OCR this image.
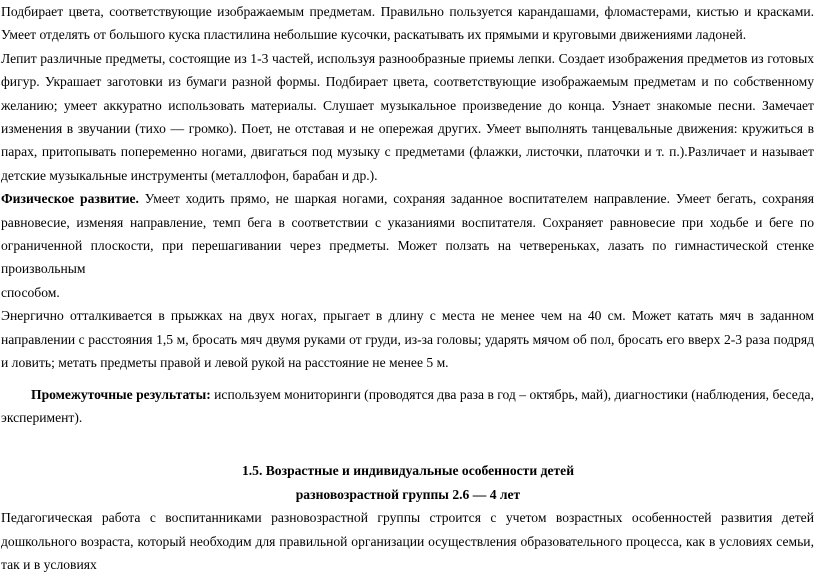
Подбирает цвета, соответствующие изображаемым предметам. Правильно пользуется карандашами, фломастерами, кистью и красками. Умеет отделять от большого куска пластилина небольшие кусочки, раскатывать их прямыми и круговыми движениями ладоней.

Лепит различные предметы, состоящие из 1-3 частей, используя разнообразные приемы лепки. Создает изображения предметов из готовых фигур. Украшает заготовки из бумаги разной формы. Подбирает цвета, соответствующие изображаемым предметам и по собственному желанию; умеет аккуратно использовать материалы. Слушает музыкальное произведение до конца. Узнает знакомые песни. Замечает изменения в звучании (тихо — громко). Поет, не отставая и не опережая других. Умеет выполнять танцевальные движения: кружиться в парах, притопывать попеременно ногами, двигаться под музыку с предметами (флажки, листочки, платочки и т. п.).Различает и называет детские музыкальные инструменты (металлофон, барабан и др.).

Физическое развитие. Умеет ходить прямо, не шаркая ногами, сохраняя заданное воспитателем направление. Умеет бегать, сохраняя равновесие, изменяя направление, темп бега в соответствии с указаниями воспитателя. Сохраняет равновесие при ходьбе и беге по ограниченной плоскости, при перешагивании через предметы. Может ползать на четвереньках, лазать по гимнастической стенке произвольным

способом.

Энергично отталкивается в прыжках на двух ногах, прыгает в длину с места не менее чем на 40 см. Может катать мяч в заданном направлении с расстояния 1,5 м, бросать мяч двумя руками от груди, из-за головы; ударять мячом об пол, бросать его вверх 2-3 раза подряд и ловить; метать предметы правой и левой рукой на расстояние не менее 5 м.

Промежуточные результаты: используем мониторинги (проводятся два раза в год – октябрь, май), диагностики (наблюдения, беседа, эксперимент).

1.5. Возрастные и индивидуальные особенности детей

разновозрастной группы 2.6 — 4 лет

Педагогическая работа с воспитанниками разновозрастной группы строится с учетом возрастных особенностей развития детей дошкольного возраста, который необходим для правильной организации осуществления образовательного процесса, как в условиях семьи, так и в условиях
